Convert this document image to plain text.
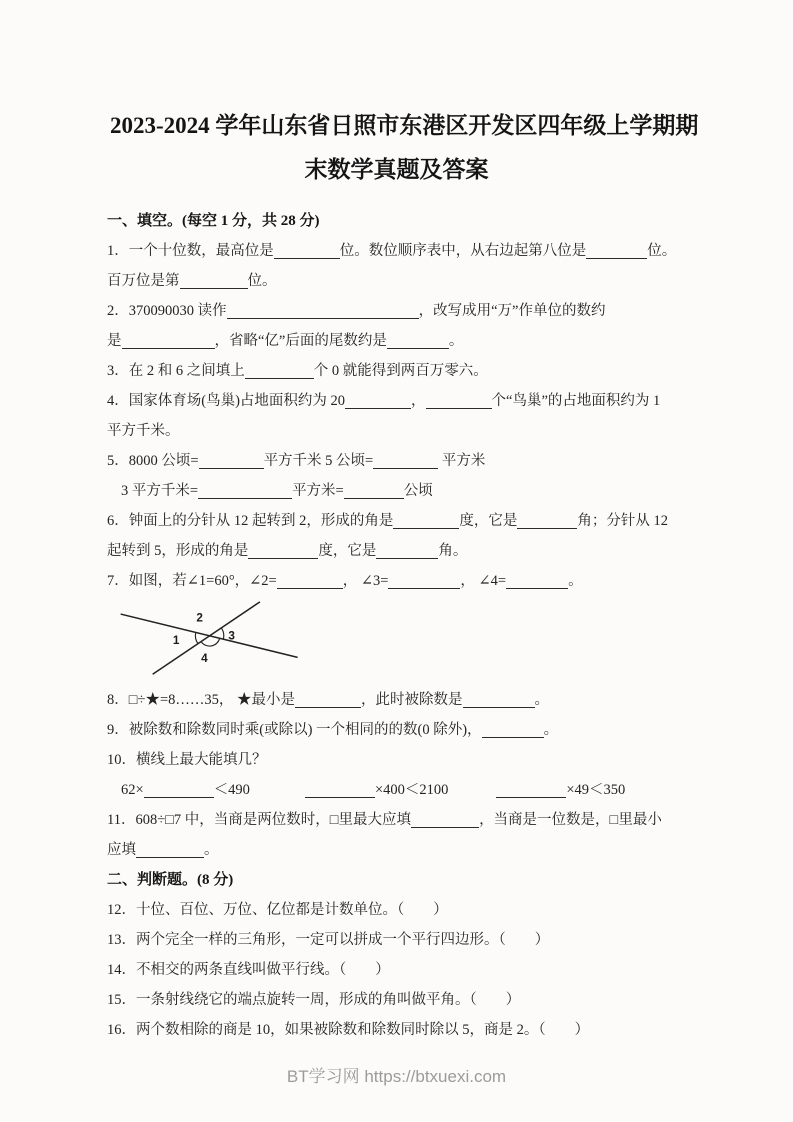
2023-2024 学年山东省日照市东港区开发区四年级上学期期
末数学真题及答案
一、填空。(每空 1 分，共 28 分)
1．一个十位数，最高位是	位。数位顺序表中，从右边起第八位是	位。
百万位是第	位。
2．370090030 读作	，改写成用“万”作单位的数约
是	，省略“亿”后面的尾数约是	。
3．在 2 和 6 之间填上	个 0 就能得到两百万零六。
4．国家体育场(鸟巢)占地面积约为 20	，	个“鸟巢”的占地面积约为 1
平方千米。
5．8000 公顷=	平方千米 5 公顷=	平方米
3 平方千米=	平方米=	公顷
6．钟面上的分针从 12 起转到 2，形成的角是	度，它是	角；分针从 12
起转到 5，形成的角是	度，它是	角。
7．如图，若∠1=60°，∠2=	， ∠3=	， ∠4=	。
1
2
3
4
8．□÷★=8……35， ★最小是	，此时被除数是	。
9．被除数和除数同时乘(或除以) 一个相同的的数(0 除外)，	。
10．横线上最大能填几？
62×	＜490	×400＜2100	×49＜350
11．608÷□7 中，当商是两位数时，□里最大应填	，当商是一位数是，□里最小
应填	。
二、判断题。(8 分)
12．十位、百位、万位、亿位都是计数单位。（　　）
13．两个完全一样的三角形，一定可以拼成一个平行四边形。（　　）
14．不相交的两条直线叫做平行线。（　　）
15．一条射线绕它的端点旋转一周，形成的角叫做平角。（　　）
16．两个数相除的商是 10，如果被除数和除数同时除以 5，商是 2。（　　）
BT学习网 https://btxuexi.com
